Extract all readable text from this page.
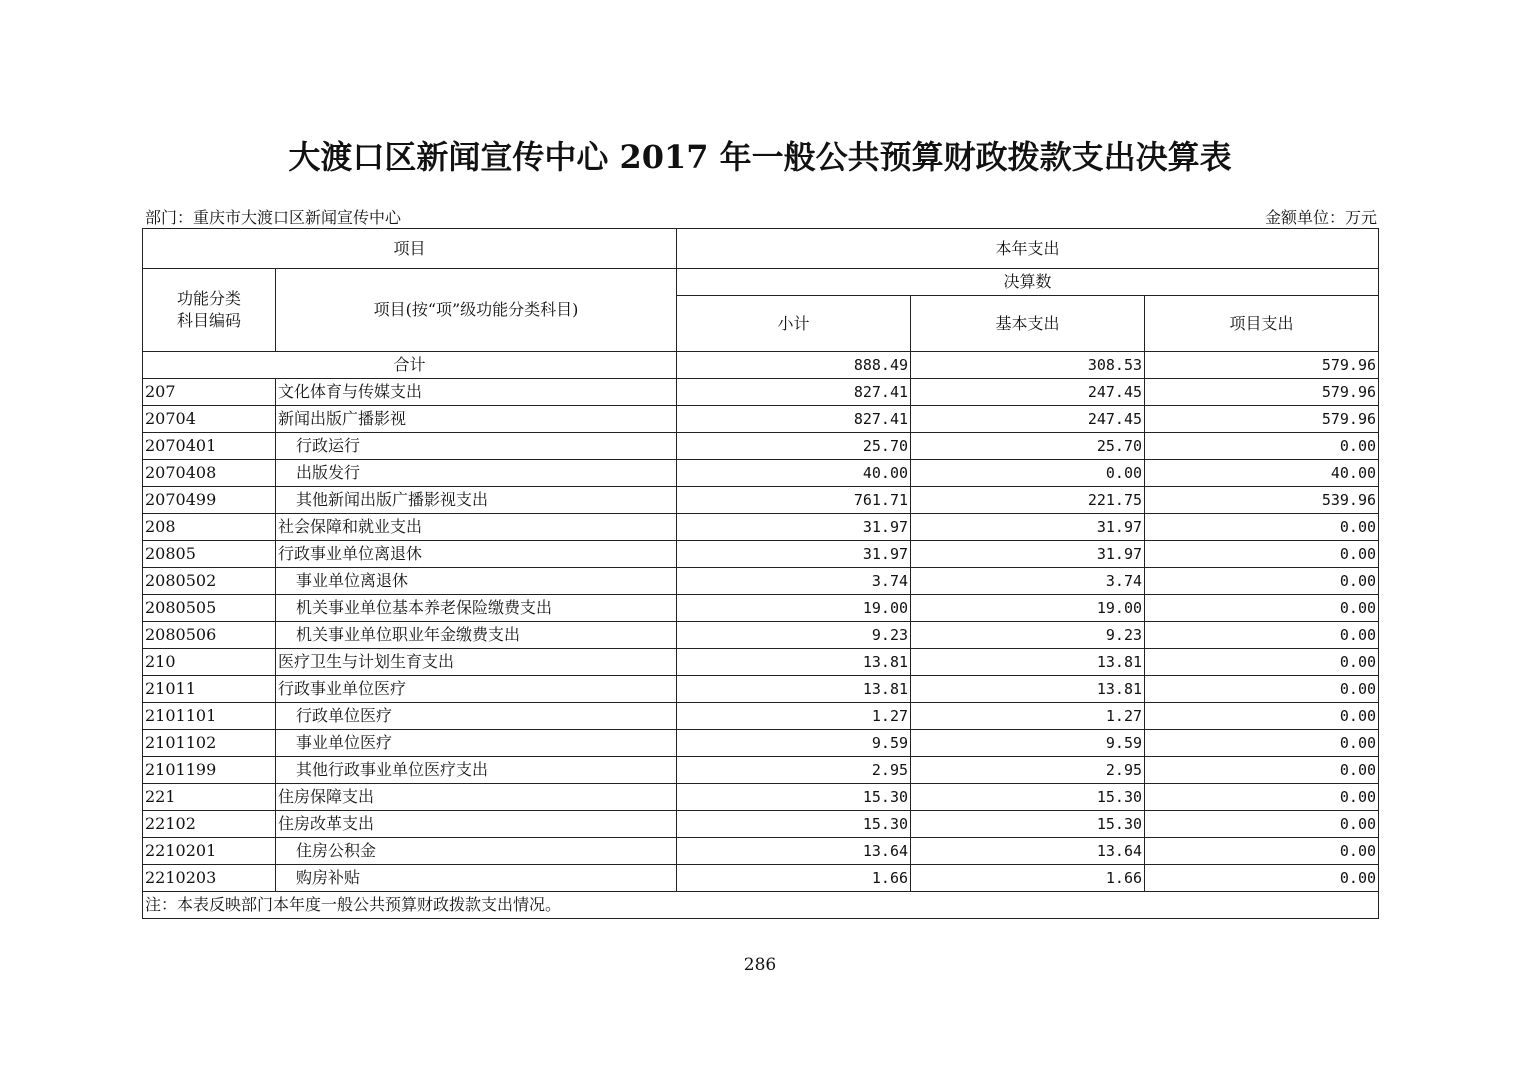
大渡口区新闻宣传中心 2017 年一般公共预算财政拨款支出决算表
部门：重庆市大渡口区新闻宣传中心	金额单位：万元
项目		本年支出		
功能分类
科目编码	项目(按“项”级功能分类科目)	决算数		
		小计	基本支出	项目支出
合计		888.49	308.53	579.96
207	文化体育与传媒支出	827.41	247.45	579.96
20704	新闻出版广播影视	827.41	247.45	579.96
2070401	行政运行	25.70	25.70	0.00
2070408	出版发行	40.00	0.00	40.00
2070499	其他新闻出版广播影视支出	761.71	221.75	539.96
208	社会保障和就业支出	31.97	31.97	0.00
20805	行政事业单位离退休	31.97	31.97	0.00
2080502	事业单位离退休	3.74	3.74	0.00
2080505	机关事业单位基本养老保险缴费支出	19.00	19.00	0.00
2080506	机关事业单位职业年金缴费支出	9.23	9.23	0.00
210	医疗卫生与计划生育支出	13.81	13.81	0.00
21011	行政事业单位医疗	13.81	13.81	0.00
2101101	行政单位医疗	1.27	1.27	0.00
2101102	事业单位医疗	9.59	9.59	0.00
2101199	其他行政事业单位医疗支出	2.95	2.95	0.00
221	住房保障支出	15.30	15.30	0.00
22102	住房改革支出	15.30	15.30	0.00
2210201	住房公积金	13.64	13.64	0.00
2210203	购房补贴	1.66	1.66	0.00
注：本表反映部门本年度一般公共预算财政拨款支出情况。				
286
